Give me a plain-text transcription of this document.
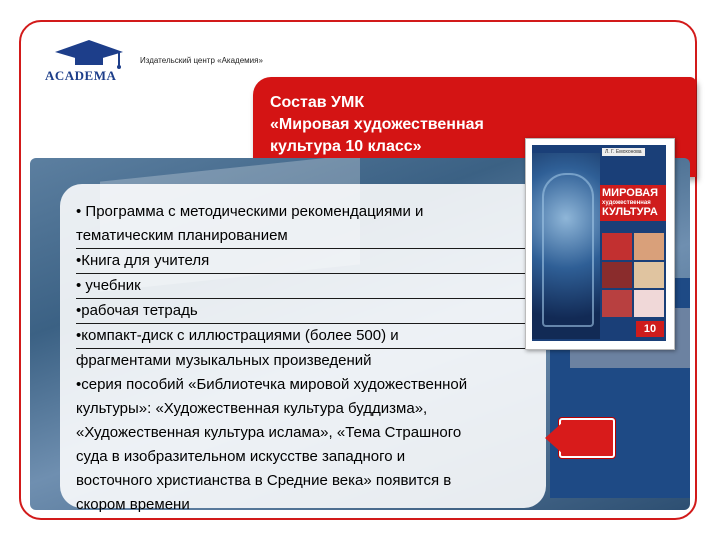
ACADEMA
Издательский центр «Академия»
Состав УМК
«Мировая художественная
культура 10 класс»
• Программа с методическими рекомендациями и
тематическим планированием
•Книга для учителя
• учебник
•рабочая тетрадь
•компакт-диск с иллюстрациями (более 500) и
фрагментами музыкальных произведений
•серия пособий «Библиотечка мировой художественной
культуры»: «Художественная культура буддизма»,
«Художественная культура ислама», «Тема Страшного
суда в изобразительном искусстве западного и
восточного христианства в Средние века» появится в
скором времени
Л. Г. Емохонова
МИРОВАЯ
художественная
КУЛЬТУРА
10
